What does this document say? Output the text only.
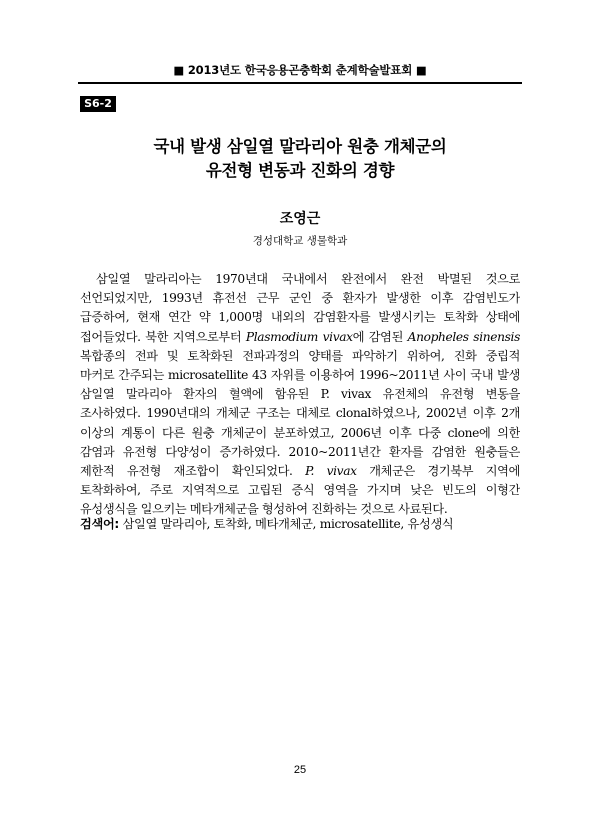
■ 2013년도 한국응용곤충학회 춘계학술발표회 ■
S6-2
국내 발생 삼일열 말라리아 원충 개체군의
유전형 변동과 진화의 경향
조영근
경성대학교 생물학과
삼일열 말라리아는 1970년대 국내에서 완전에서 완전 박멸된 것으로
선언되었지만, 1993년 휴전선 근무 군인 중 환자가 발생한 이후 감염빈도가
급증하여, 현재 연간 약 1,000명 내외의 감염환자를 발생시키는 토착화 상태에
접어들었다. 북한 지역으로부터 Plasmodium vivax에 감염된 Anopheles sinensis
복합종의 전파 및 토착화된 전파과정의 양태를 파악하기 위하여, 진화 중립적
마커로 간주되는 microsatellite 43 자위를 이용하여 1996~2011년 사이 국내 발생
삼일열 말라리아 환자의 혈액에 함유된 P. vivax 유전체의 유전형 변동을
조사하였다. 1990년대의 개체군 구조는 대체로 clonal하였으나, 2002년 이후 2개
이상의 계통이 다른 원충 개체군이 분포하였고, 2006년 이후 다중 clone에 의한
감염과 유전형 다양성이 증가하였다. 2010~2011년간 환자를 감염한 원충들은
제한적 유전형 재조합이 확인되었다. P. vivax 개체군은 경기북부 지역에
토착화하여, 주로 지역적으로 고립된 증식 영역을 가지며 낮은 빈도의 이형간
유성생식을 일으키는 메타개체군을 형성하여 진화하는 것으로 사료된다.
검색어: 삼일열 말라리아, 토착화, 메타개체군, microsatellite, 유성생식
25
